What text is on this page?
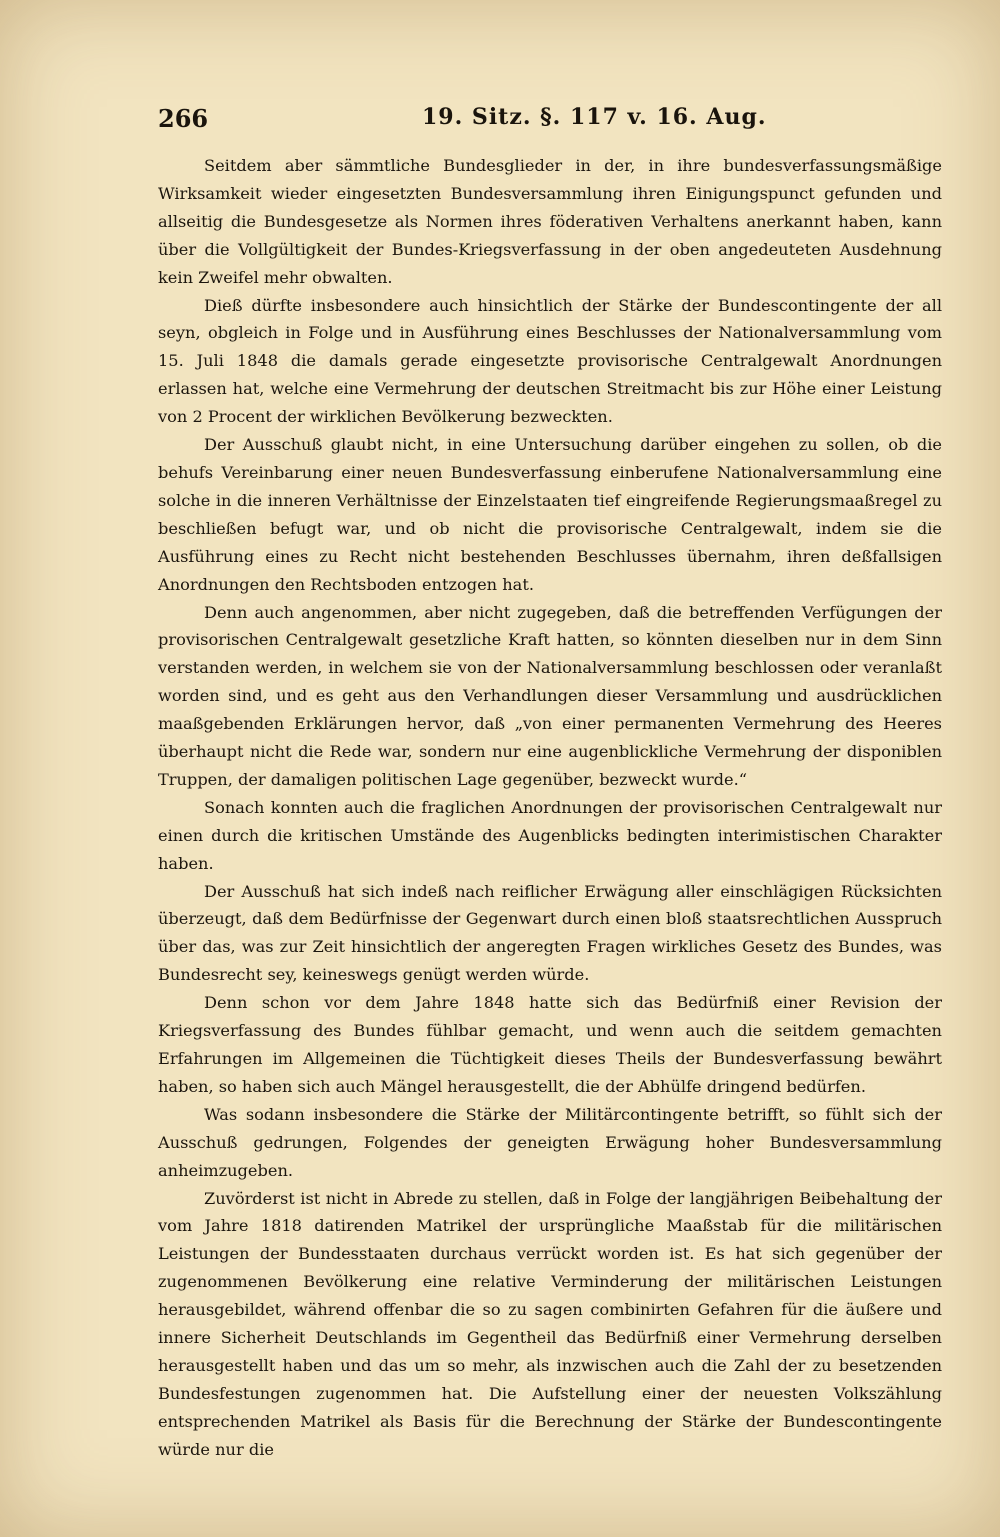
266	19. Sitz. §. 117 v. 16. Aug.

Seitdem aber sämmtliche Bundesglieder in der, in ihre bundesverfassungsmäßige Wirksamkeit wieder eingesetzten Bundesversammlung ihren Einigungspunct gefunden und allseitig die Bundesgesetze als Normen ihres föderativen Verhaltens anerkannt haben, kann über die Vollgültigkeit der Bundes-Kriegsverfassung in der oben angedeuteten Ausdehnung kein Zweifel mehr obwalten.

Dieß dürfte insbesondere auch hinsichtlich der Stärke der Bundescontingente der all seyn, obgleich in Folge und in Ausführung eines Beschlusses der Nationalversammlung vom 15. Juli 1848 die damals gerade eingesetzte provisorische Centralgewalt Anordnungen erlassen hat, welche eine Vermehrung der deutschen Streitmacht bis zur Höhe einer Leistung von 2 Procent der wirklichen Bevölkerung bezweckten.

Der Ausschuß glaubt nicht, in eine Untersuchung darüber eingehen zu sollen, ob die behufs Vereinbarung einer neuen Bundesverfassung einberufene Nationalversammlung eine solche in die inneren Verhältnisse der Einzelstaaten tief eingreifende Regierungsmaaßregel zu beschließen befugt war, und ob nicht die provisorische Centralgewalt, indem sie die Ausführung eines zu Recht nicht bestehenden Beschlusses übernahm, ihren deßfallsigen Anordnungen den Rechtsboden entzogen hat.

Denn auch angenommen, aber nicht zugegeben, daß die betreffenden Verfügungen der provisorischen Centralgewalt gesetzliche Kraft hatten, so könnten dieselben nur in dem Sinn verstanden werden, in welchem sie von der Nationalversammlung beschlossen oder veranlaßt worden sind, und es geht aus den Verhandlungen dieser Versammlung und ausdrücklichen maaßgebenden Erklärungen hervor, daß „von einer permanenten Vermehrung des Heeres überhaupt nicht die Rede war, sondern nur eine augenblickliche Vermehrung der disponiblen Truppen, der damaligen politischen Lage gegenüber, bezweckt wurde.“

Sonach konnten auch die fraglichen Anordnungen der provisorischen Centralgewalt nur einen durch die kritischen Umstände des Augenblicks bedingten interimistischen Charakter haben.

Der Ausschuß hat sich indeß nach reiflicher Erwägung aller einschlägigen Rücksichten überzeugt, daß dem Bedürfnisse der Gegenwart durch einen bloß staatsrechtlichen Ausspruch über das, was zur Zeit hinsichtlich der angeregten Fragen wirkliches Gesetz des Bundes, was Bundesrecht sey, keineswegs genügt werden würde.

Denn schon vor dem Jahre 1848 hatte sich das Bedürfniß einer Revision der Kriegsverfassung des Bundes fühlbar gemacht, und wenn auch die seitdem gemachten Erfahrungen im Allgemeinen die Tüchtigkeit dieses Theils der Bundesverfassung bewährt haben, so haben sich auch Mängel herausgestellt, die der Abhülfe dringend bedürfen.

Was sodann insbesondere die Stärke der Militärcontingente betrifft, so fühlt sich der Ausschuß gedrungen, Folgendes der geneigten Erwägung hoher Bundesversammlung anheimzugeben.

Zuvörderst ist nicht in Abrede zu stellen, daß in Folge der langjährigen Beibehaltung der vom Jahre 1818 datirenden Matrikel der ursprüngliche Maaßstab für die militärischen Leistungen der Bundesstaaten durchaus verrückt worden ist. Es hat sich gegenüber der zugenommenen Bevölkerung eine relative Verminderung der militärischen Leistungen herausgebildet, während offenbar die so zu sagen combinirten Gefahren für die äußere und innere Sicherheit Deutschlands im Gegentheil das Bedürfniß einer Vermehrung derselben herausgestellt haben und das um so mehr, als inzwischen auch die Zahl der zu besetzenden Bundesfestungen zugenommen hat. Die Aufstellung einer der neuesten Volkszählung entsprechenden Matrikel als Basis für die Berechnung der Stärke der Bundescontingente würde nur die
